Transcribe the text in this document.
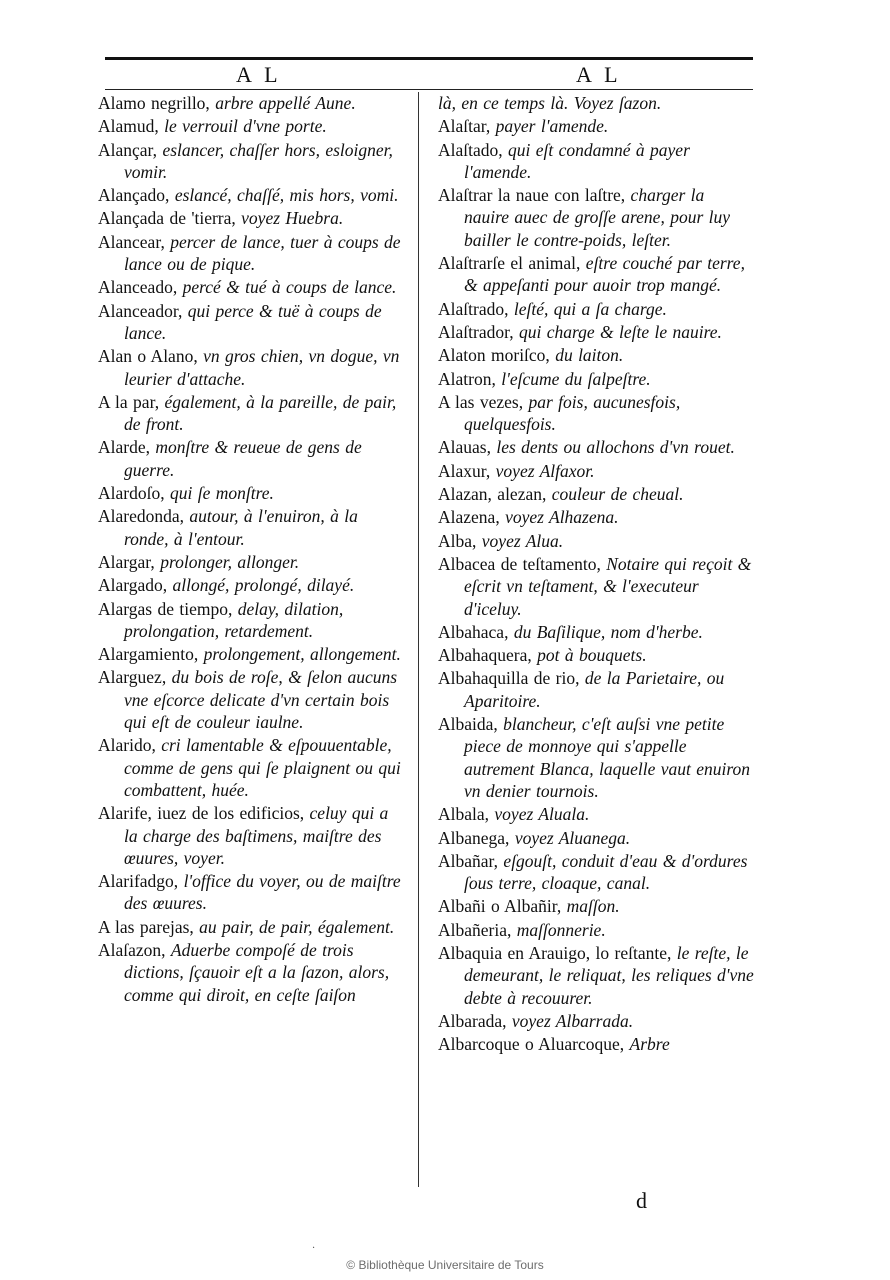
A L	A L

Alamo negrillo, arbre appellé Aune.

Alamud, le verrouil d'vne porte.

Alançar, eslancer, chaſſer hors, esloigner, vomir.

Alançado, eslancé, chaſſé, mis hors, vomi.

Alançada de 'tierra, voyez Huebra.

Alancear, percer de lance, tuer à coups de lance ou de pique.

Alanceado, percé & tué à coups de lance.

Alanceador, qui perce & tuë à coups de lance.

Alan o Alano, vn gros chien, vn dogue, vn leurier d'attache.

A la par, également, à la pareille, de pair, de front.

Alarde, monſtre & reueue de gens de guerre.

Alardoſo, qui ſe monſtre.

Alaredonda, autour, à l'enuiron, à la ronde, à l'entour.

Alargar, prolonger, allonger.

Alargado, allongé, prolongé, dilayé.

Alargas de tiempo, delay, dilation, prolongation, retardement.

Alargamiento, prolongement, allongement.

Alarguez, du bois de roſe, & ſelon aucuns vne eſcorce delicate d'vn certain bois qui eſt de couleur iaulne.

Alarido, cri lamentable & eſpouuentable, comme de gens qui ſe plaignent ou qui combattent, huée.

Alarife, iuez de los edificios, celuy qui a la charge des baſtimens, maiſtre des œuures, voyer.

Alarifadgo, l'office du voyer, ou de maiſtre des œuures.

A las parejas, au pair, de pair, également.

Alaſazon, Aduerbe compoſé de trois dictions, ſçauoir eſt a la ſazon, alors, comme qui diroit, en ceſte ſaiſon

là, en ce temps là. Voyez ſazon.

Alaſtar, payer l'amende.

Alaſtado, qui eſt condamné à payer l'amende.

Alaſtrar la naue con laſtre, charger la nauire auec de groſſe arene, pour luy bailler le contre-poids, leſter.

Alaſtrarſe el animal, eſtre couché par terre, & appeſanti pour auoir trop mangé.

Alaſtrado, leſté, qui a ſa charge.

Alaſtrador, qui charge & leſte le nauire.

Alaton moriſco, du laiton.

Alatron, l'eſcume du ſalpeſtre.

A las vezes, par fois, aucunesfois, quelquesfois.

Alauas, les dents ou allochons d'vn rouet.

Alaxur, voyez Alfaxor.

Alazan, alezan, couleur de cheual.

Alazena, voyez Alhazena.

Alba, voyez Alua.

Albacea de teſtamento, Notaire qui reçoit & eſcrit vn teſtament, & l'executeur d'iceluy.

Albahaca, du Baſilique, nom d'herbe.

Albahaquera, pot à bouquets.

Albahaquilla de rio, de la Parietaire, ou Aparitoire.

Albaida, blancheur, c'eſt auſsi vne petite piece de monnoye qui s'appelle autrement Blanca, laquelle vaut enuiron vn denier tournois.

Albala, voyez Aluala.

Albanega, voyez Aluanega.

Albañar, eſgouſt, conduit d'eau & d'ordures ſous terre, cloaque, canal.

Albañi o Albañir, maſſon.

Albañeria, maſſonnerie.

Albaquia en Arauigo, lo reſtante, le reſte, le demeurant, le reliquat, les reliques d'vne debte à recouurer.

Albarada, voyez Albarrada.

Albarcoque o Aluarcoque, Arbre

d
·
© Bibliothèque Universitaire de Tours
